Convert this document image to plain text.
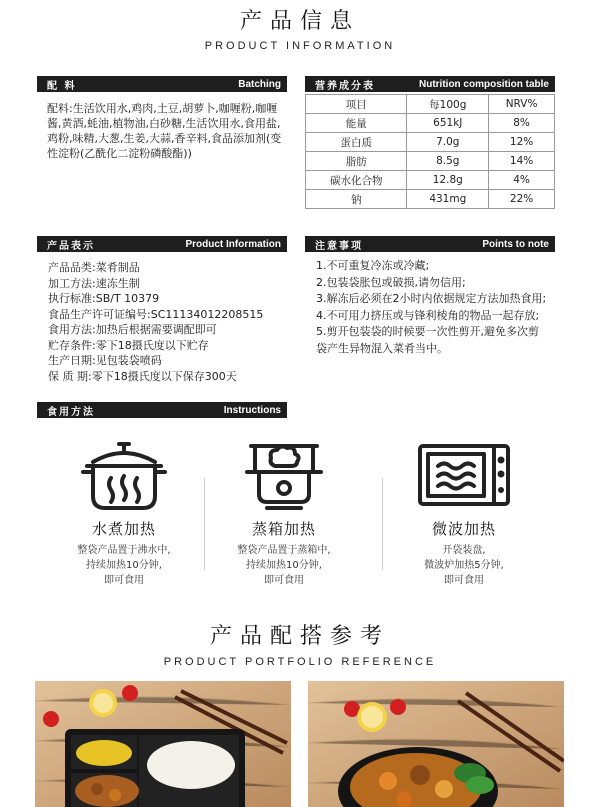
产品信息
PRODUCT INFORMATION
配 料	Batching
配料:生活饮用水,鸡肉,土豆,胡萝卜,咖喱粉,咖喱酱,黄酒,蚝油,植物油,白砂糖,生活饮用水,食用盐,鸡粉,味精,大葱,生姜,大蒜,香辛料,食品添加剂(变性淀粉(乙酰化二淀粉磷酸酯))
营养成分表	Nutrition composition table
项目	每100g	NRV%
能量	651kJ	8%
蛋白质	7.0g	12%
脂肪	8.5g	14%
碳水化合物	12.8g	4%
钠	431mg	22%
产品表示	Product Information
产品品类:菜肴制品
加工方法:速冻生制
执行标准:SB/T 10379
食品生产许可证编号:SC11134012208515
食用方法:加热后根据需要调配即可
贮存条件:零下18摄氏度以下贮存
生产日期:见包装袋喷码
保 质 期:零下18摄氏度以下保存300天
注意事项	Points to note
1.不可重复冷冻或冷藏;
2.包装袋胀包或破损,请勿信用;
3.解冻后必须在2小时内依据规定方法加热食用;
4.不可用力挤压或与锋利棱角的物品一起存放;
5.剪开包装袋的时候要一次性剪开,避免多次剪
袋产生异物混入菜肴当中。
食用方法	Instructions
水煮加热
整袋产品置于沸水中,
持续加热10分钟,
即可食用
蒸箱加热
整袋产品置于蒸箱中,
持续加热10分钟,
即可食用
微波加热
开袋装盘,
微波炉加热5分钟,
即可食用
产品配搭参考
PRODUCT PORTFOLIO REFERENCE
